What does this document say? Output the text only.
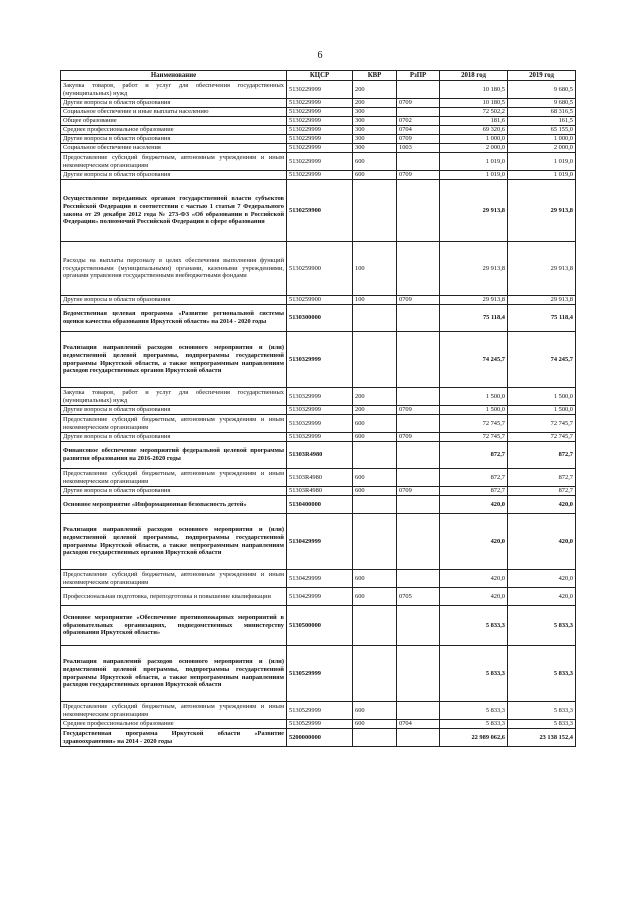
6
Наименование	КЦСР	КВР	РзПР	2018 год	2019 год
Закупка товаров, работ и услуг для обеспечения государственных (муниципальных) нужд	5130229999	200		10 180,5	9 680,5
Другие вопросы в области образования	5130229999	200	0709	10 180,5	9 680,5
Социальное обеспечение и иные выплаты населению	5130229999	300		72 502,2	68 316,5
Общее образование	5130229999	300	0702	181,6	161,5
Среднее профессиональное образование	5130229999	300	0704	69 320,6	65 155,0
Другие вопросы в области образования	5130229999	300	0709	1 000,0	1 000,0
Социальное обеспечение населения	5130229999	300	1003	2 000,0	2 000,0
Предоставление субсидий бюджетным, автономным учреждениям и иным некоммерческим организациям	5130229999	600		1 019,0	1 019,0
Другие вопросы в области образования	5130229999	600	0709	1 019,0	1 019,0
Осуществление переданных органам государственной власти субъектов Российской Федерации в соответствии с частью 1 статьи 7 Федерального закона от 29 декабря 2012 года № 273-ФЗ «Об образовании в Российской Федерации» полномочий Российской Федерации в сфере образования	5130259900			29 913,8	29 913,8
Расходы на выплаты персоналу в целях обеспечения выполнения функций государственными (муниципальными) органами, казенными учреждениями, органами управления государственными внебюджетными фондами	5130259900	100		29 913,8	29 913,8
Другие вопросы в области образования	5130259900	100	0709	29 913,8	29 913,8
Ведомственная целевая программа «Развитие региональной системы оценки качества образования Иркутской области» на 2014 - 2020 годы	5130300000			75 118,4	75 118,4
Реализация направлений расходов основного мероприятия и (или) ведомственной целевой программы, подпрограммы государственной программы Иркутской области, а также непрограммным направлениям расходов государственных органов Иркутской области	5130329999			74 245,7	74 245,7
Закупка товаров, работ и услуг для обеспечения государственных (муниципальных) нужд	5130329999	200		1 500,0	1 500,0
Другие вопросы в области образования	5130329999	200	0709	1 500,0	1 500,0
Предоставление субсидий бюджетным, автономным учреждениям и иным некоммерческим организациям	5130329999	600		72 745,7	72 745,7
Другие вопросы в области образования	5130329999	600	0709	72 745,7	72 745,7
Финансовое обеспечение мероприятий федеральной целевой программы развития образования на 2016-2020 годы	51303R4980			872,7	872,7
Предоставление субсидий бюджетным, автономным учреждениям и иным некоммерческим организациям	51303R4980	600		872,7	872,7
Другие вопросы в области образования	51303R4980	600	0709	872,7	872,7
Основное мероприятие «Информационная безопасность детей»	5130400000			420,0	420,0
Реализация направлений расходов основного мероприятия и (или) ведомственной целевой программы, подпрограммы государственной программы Иркутской области, а также непрограммным направлениям расходов государственных органов Иркутской области	5130429999			420,0	420,0
Предоставление субсидий бюджетным, автономным учреждениям и иным некоммерческим организациям	5130429999	600		420,0	420,0
Профессиональная подготовка, переподготовка и повышение квалификации	5130429999	600	0705	420,0	420,0
Основное мероприятие «Обеспечение противопожарных мероприятий в образовательных организациях, подведомственных министерству образования Иркутской области»	5130500000			5 833,3	5 833,3
Реализация направлений расходов основного мероприятия и (или) ведомственной целевой программы, подпрограммы государственной программы Иркутской области, а также непрограммным направлениям расходов государственных органов Иркутской области	5130529999			5 833,3	5 833,3
Предоставление субсидий бюджетным, автономным учреждениям и иным некоммерческим организациям	5130529999	600		5 833,3	5 833,3
Среднее профессиональное образование	5130529999	600	0704	5 833,3	5 833,3
Государственная программа Иркутской области «Развитие здравоохранения» на 2014 - 2020 годы	5200000000			22 989 062,6	23 138 152,4
